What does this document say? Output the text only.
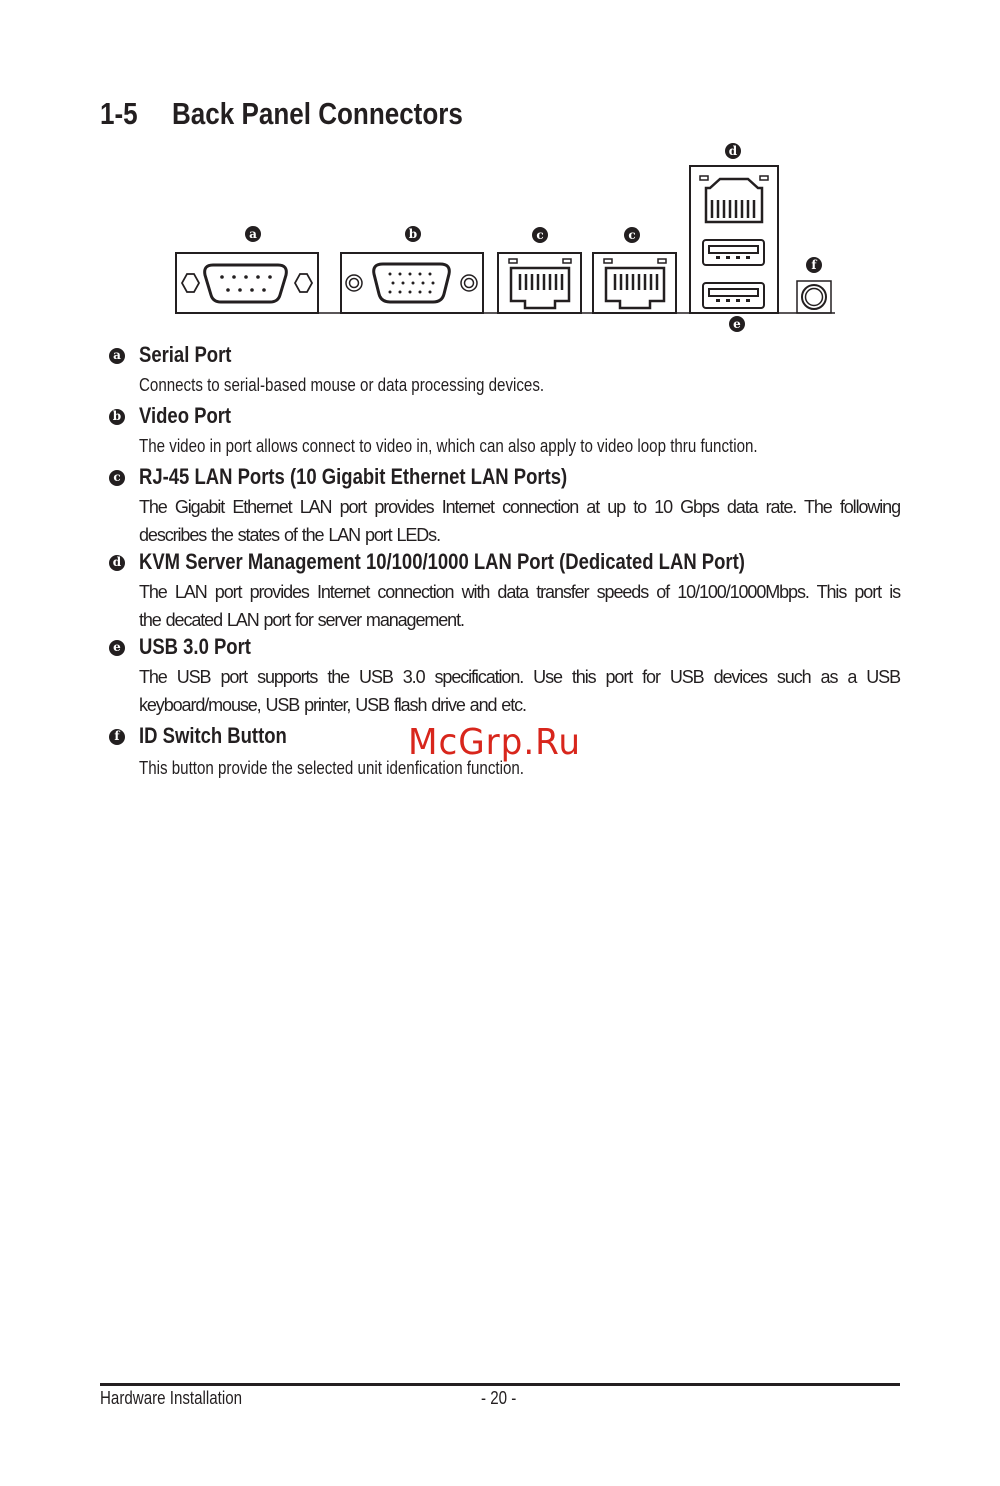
1-5 Back Panel Connectors
a	b	c	c
d
e
f
a Serial Port
Connects to serial-based mouse or data processing devices.
b Video Port
The video in port allows connect to video in, which can also apply to video loop thru function.
c RJ-45 LAN Ports (10 Gigabit Ethernet LAN Ports)
The Gigabit Ethernet LAN port provides Internet connection at up to 10 Gbps data rate. The following
describes the states of the LAN port LEDs.
d KVM Server Management 10/100/1000 LAN Port (Dedicated LAN Port)
The LAN port provides Internet connection with data transfer speeds of 10/100/1000Mbps. This port is
the decated LAN port for server management.
e USB 3.0 Port
The USB port supports the USB 3.0 specification. Use this port for USB devices such as a USB
keyboard/mouse, USB printer, USB flash drive and etc.
f ID Switch Button
This button provide the selected unit idenfication function.
McGrp.Ru
Hardware Installation	- 20 -
